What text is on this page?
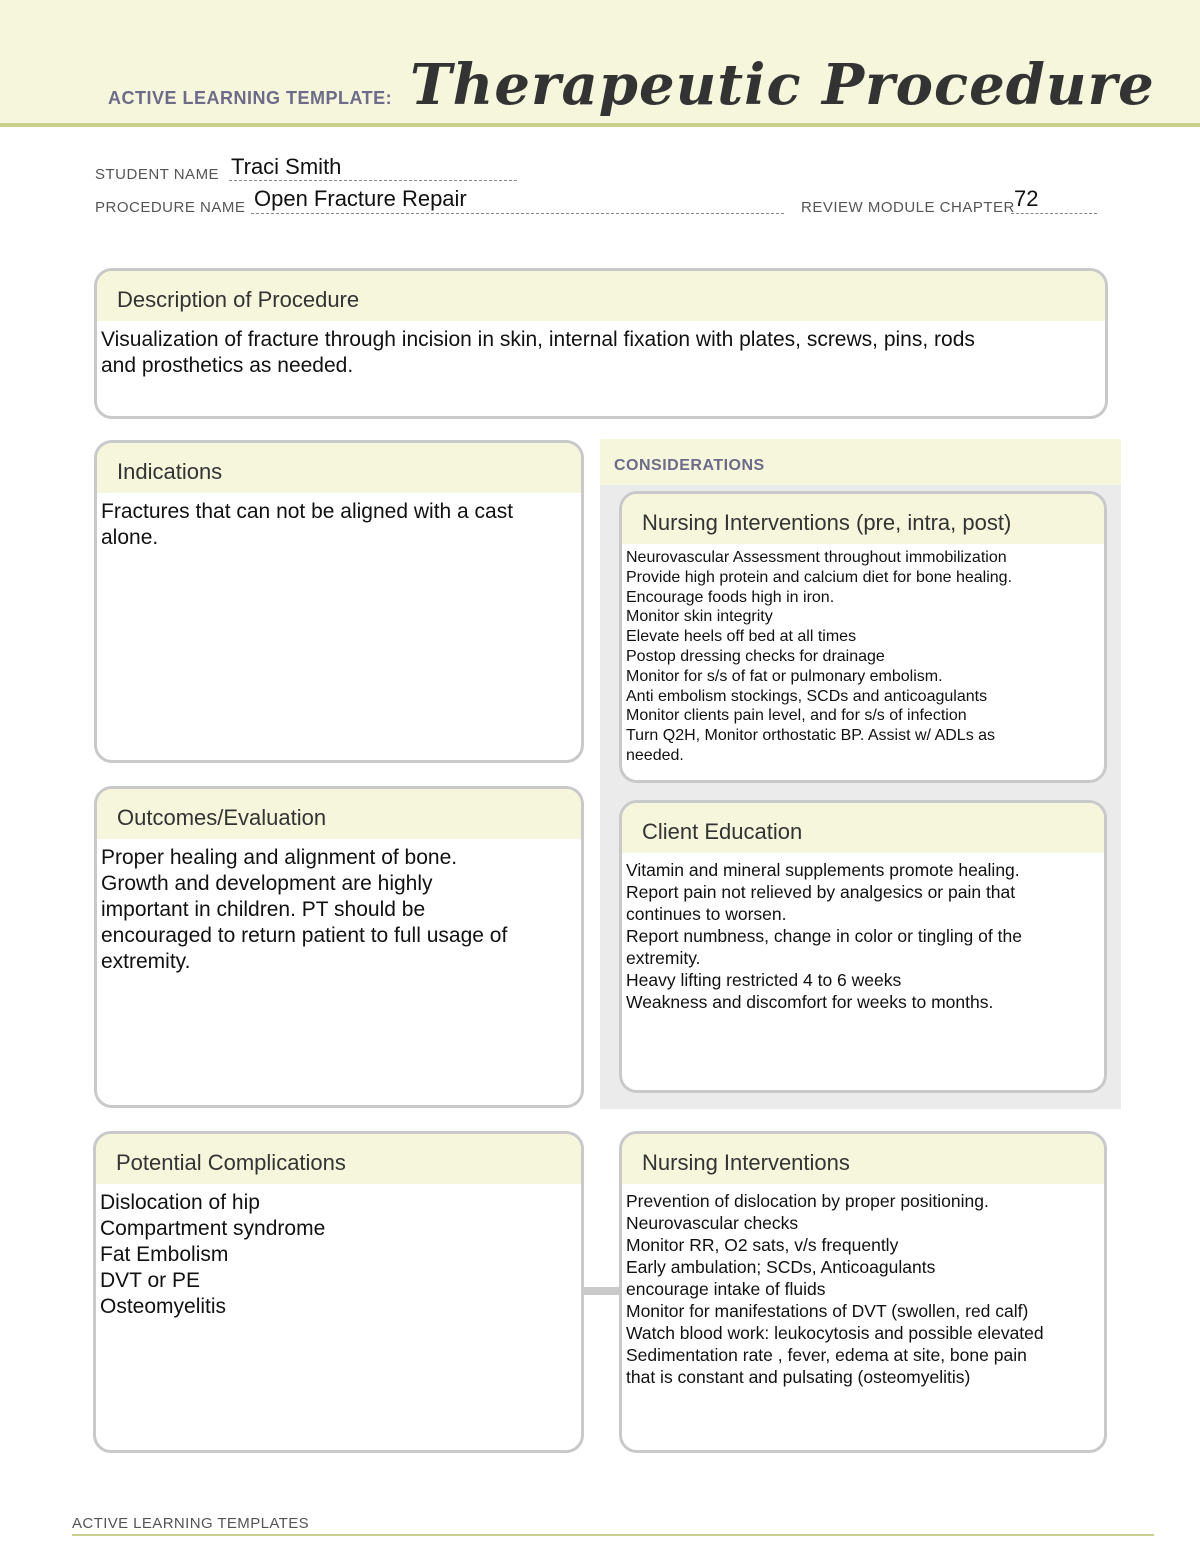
ACTIVE LEARNING TEMPLATE: Therapeutic Procedure
STUDENT NAME Traci Smith
PROCEDURE NAME Open Fracture Repair	REVIEW MODULE CHAPTER 72
Description of Procedure
Visualization of fracture through incision in skin, internal fixation with plates, screws, pins, rods
and prosthetics as needed.
CONSIDERATIONS
Indications
Fractures that can not be aligned with a cast
alone.
Nursing Interventions (pre, intra, post)
Neurovascular Assessment throughout immobilization
Provide high protein and calcium diet for bone healing.
Encourage foods high in iron.
Monitor skin integrity
Elevate heels off bed at all times
Postop dressing checks for drainage
Monitor for s/s of fat or pulmonary embolism.
Anti embolism stockings, SCDs and anticoagulants
Monitor clients pain level, and for s/s of infection
Turn Q2H, Monitor orthostatic BP. Assist w/ ADLs as
needed.
Outcomes/Evaluation
Proper healing and alignment of bone.
Growth and development are highly
important in children. PT should be
encouraged to return patient to full usage of
extremity.
Client Education
Vitamin and mineral supplements promote healing.
Report pain not relieved by analgesics or pain that
continues to worsen.
Report numbness, change in color or tingling of the
extremity.
Heavy lifting restricted 4 to 6 weeks
Weakness and discomfort for weeks to months.
Potential Complications
Dislocation of hip
Compartment syndrome
Fat Embolism
DVT or PE
Osteomyelitis
Nursing Interventions
Prevention of dislocation by proper positioning.
Neurovascular checks
Monitor RR, O2 sats, v/s frequently
Early ambulation; SCDs, Anticoagulants
encourage intake of fluids
Monitor for manifestations of DVT (swollen, red calf)
Watch blood work: leukocytosis and possible elevated
Sedimentation rate , fever, edema at site, bone pain
that is constant and pulsating (osteomyelitis)
ACTIVE LEARNING TEMPLATES
